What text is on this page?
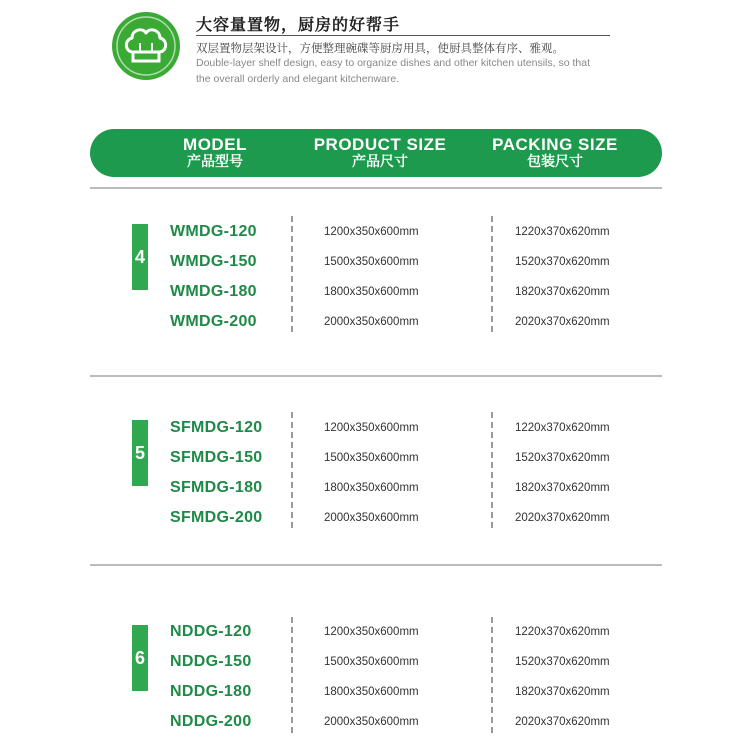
大容量置物，厨房的好帮手
双层置物层架设计，方便整理碗碟等厨房用具，使厨具整体有序、雅观。
Double-layer shelf design, easy to organize dishes and other kitchen utensils, so that
the overall orderly and elegant kitchenware.
MODEL
产品型号
PRODUCT SIZE
产品尺寸
PACKING SIZE
包装尺寸
4
WMDG-120	1200x350x600mm	1220x370x620mm
WMDG-150	1500x350x600mm	1520x370x620mm
WMDG-180	1800x350x600mm	1820x370x620mm
WMDG-200	2000x350x600mm	2020x370x620mm
5
SFMDG-120	1200x350x600mm	1220x370x620mm
SFMDG-150	1500x350x600mm	1520x370x620mm
SFMDG-180	1800x350x600mm	1820x370x620mm
SFMDG-200	2000x350x600mm	2020x370x620mm
6
NDDG-120	1200x350x600mm	1220x370x620mm
NDDG-150	1500x350x600mm	1520x370x620mm
NDDG-180	1800x350x600mm	1820x370x620mm
NDDG-200	2000x350x600mm	2020x370x620mm
